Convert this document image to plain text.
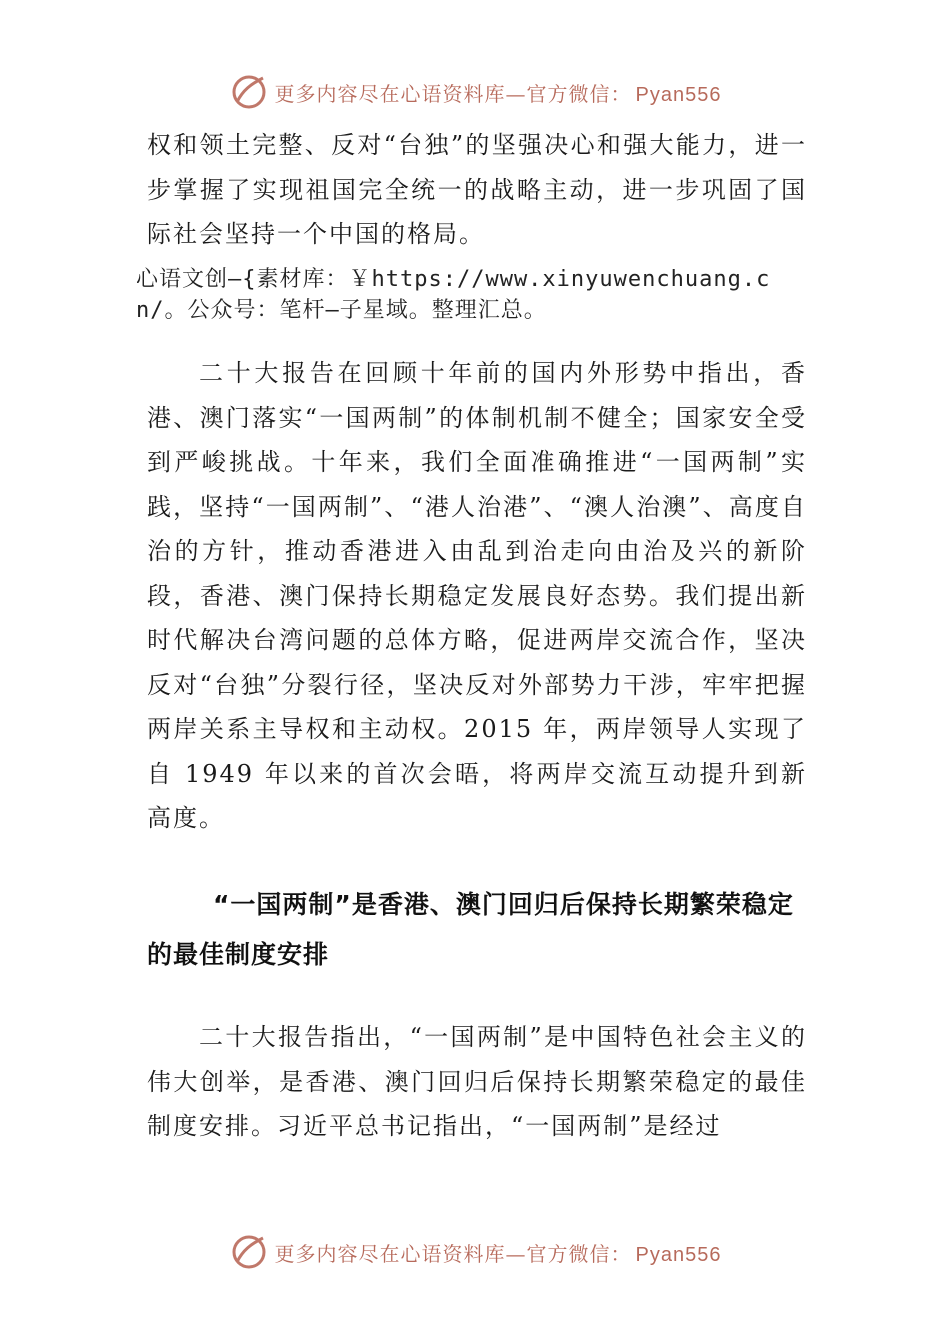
更多内容尽在心语资料库—官方微信： Pyan556

权和领土完整、反对“台独”的坚强决心和强大能力，进一步掌握了实现祖国完全统一的战略主动，进一步巩固了国际社会坚持一个中国的格局。

心语文创—{素材库：￥https://www.xinyuwenchuang.cn/。公众号：笔杆—子星域。整理汇总。

二十大报告在回顾十年前的国内外形势中指出，香港、澳门落实“一国两制”的体制机制不健全；国家安全受到严峻挑战。十年来，我们全面准确推进“一国两制”实践，坚持“一国两制”、“港人治港”、“澳人治澳”、高度自治的方针，推动香港进入由乱到治走向由治及兴的新阶段，香港、澳门保持长期稳定发展良好态势。我们提出新时代解决台湾问题的总体方略，促进两岸交流合作，坚决反对“台独”分裂行径，坚决反对外部势力干涉，牢牢把握两岸关系主导权和主动权。2015 年，两岸领导人实现了自 1949 年以来的首次会晤，将两岸交流互动提升到新高度。

“一国两制”是香港、澳门回归后保持长期繁荣稳定的最佳制度安排

二十大报告指出，“一国两制”是中国特色社会主义的伟大创举，是香港、澳门回归后保持长期繁荣稳定的最佳制度安排。习近平总书记指出，“一国两制”是经过

更多内容尽在心语资料库—官方微信： Pyan556
